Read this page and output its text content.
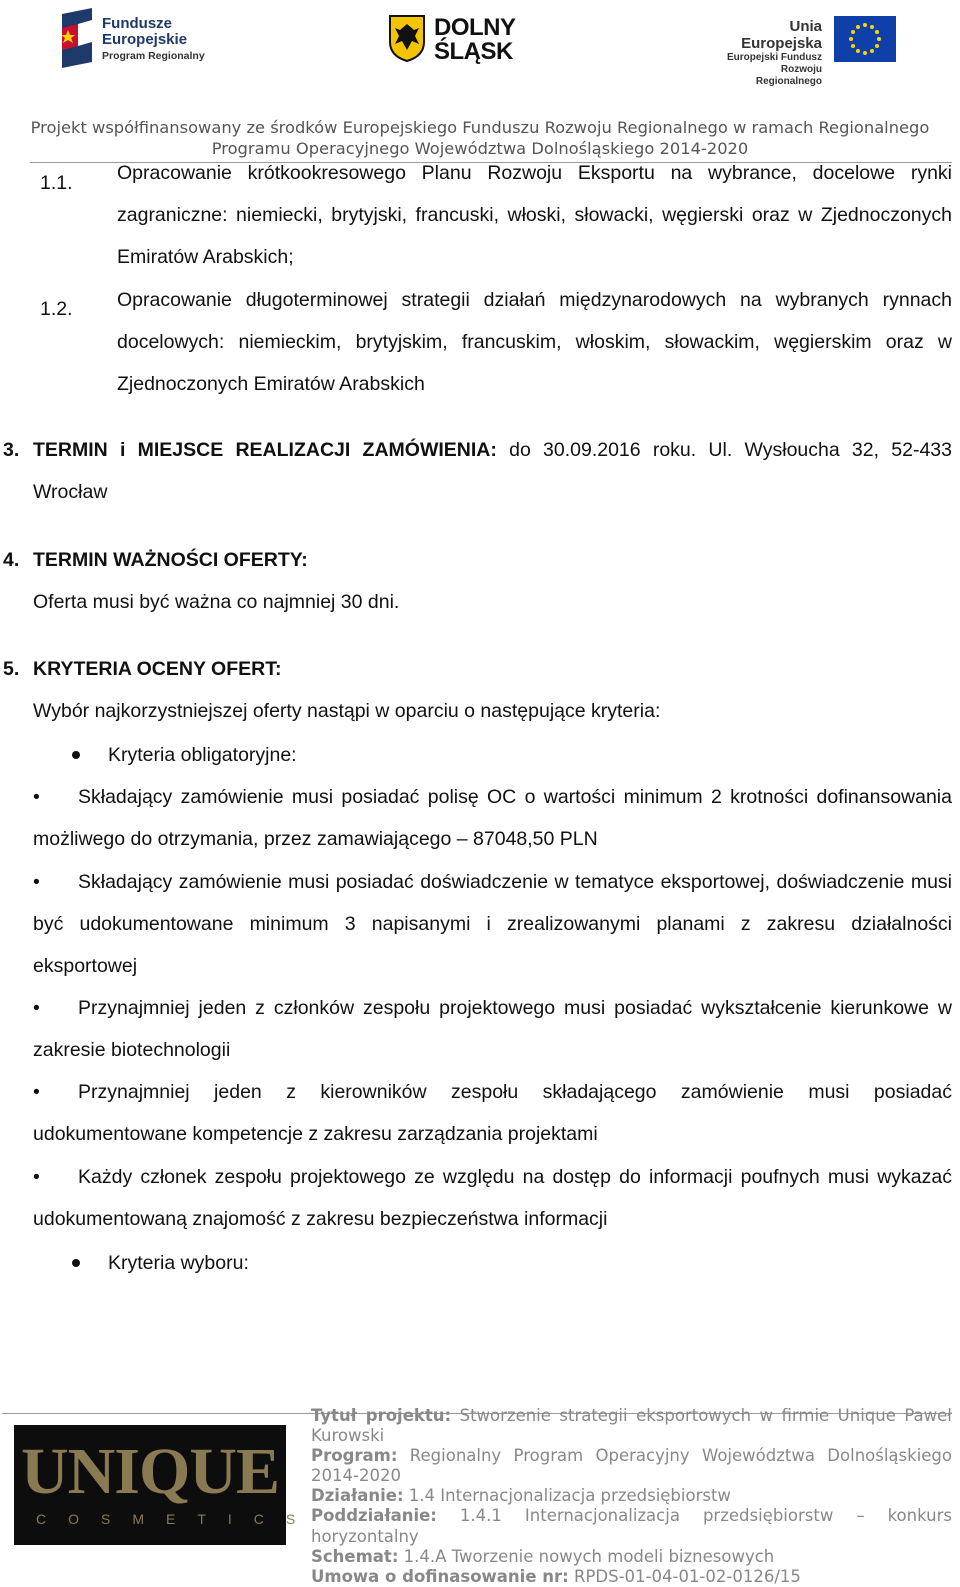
Fundusze
Europejskie
Program Regionalny
DOLNY
ŚLĄSK
Unia Europejska
Europejski Fundusz
Rozwoju Regionalnego
Projekt współfinansowany ze środków Europejskiego Funduszu Rozwoju Regionalnego w ramach Regionalnego Programu Operacyjnego Województwa Dolnośląskiego 2014-2020
1.1. Opracowanie krótkookresowego Planu Rozwoju Eksportu na wybrance, docelowe rynki zagraniczne: niemiecki, brytyjski, francuski, włoski, słowacki, węgierski oraz w Zjednoczonych Emiratów Arabskich;
1.2. Opracowanie długoterminowej strategii działań międzynarodowych na wybranych rynnach docelowych: niemieckim, brytyjskim, francuskim, włoskim, słowackim, węgierskim oraz w Zjednoczonych Emiratów Arabskich
3. TERMIN i MIEJSCE REALIZACJI ZAMÓWIENIA: do 30.09.2016 roku. Ul. Wysłoucha 32, 52-433 Wrocław
4. TERMIN WAŻNOŚCI OFERTY:
Oferta musi być ważna co najmniej 30 dni.
5. KRYTERIA OCENY OFERT:
Wybór najkorzystniejszej oferty nastąpi w oparciu o następujące kryteria:
Kryteria obligatoryjne:
• Składający zamówienie musi posiadać polisę OC o wartości minimum 2 krotności dofinansowania możliwego do otrzymania, przez zamawiającego – 87048,50 PLN
• Składający zamówienie musi posiadać doświadczenie w tematyce eksportowej, doświadczenie musi być udokumentowane minimum 3 napisanymi i zrealizowanymi planami z zakresu działalności eksportowej
• Przynajmniej jeden z członków zespołu projektowego musi posiadać wykształcenie kierunkowe w zakresie biotechnologii
• Przynajmniej jeden z kierowników zespołu składającego zamówienie musi posiadać udokumentowane kompetencje z zakresu zarządzania projektami
• Każdy członek zespołu projektowego ze względu na dostęp do informacji poufnych musi wykazać udokumentowaną znajomość z zakresu bezpieczeństwa informacji
Kryteria wyboru:
UNIQUE
COSMETICS
Tytuł projektu: Stworzenie strategii eksportowych w firmie Unique Paweł Kurowski
Program: Regionalny Program Operacyjny Województwa Dolnośląskiego 2014-2020
Działanie: 1.4 Internacjonalizacja przedsiębiorstw
Poddziałanie: 1.4.1 Internacjonalizacja przedsiębiorstw – konkurs horyzontalny
Schemat: 1.4.A Tworzenie nowych modeli biznesowych
Umowa o dofinasowanie nr: RPDS-01-04-01-02-0126/15
